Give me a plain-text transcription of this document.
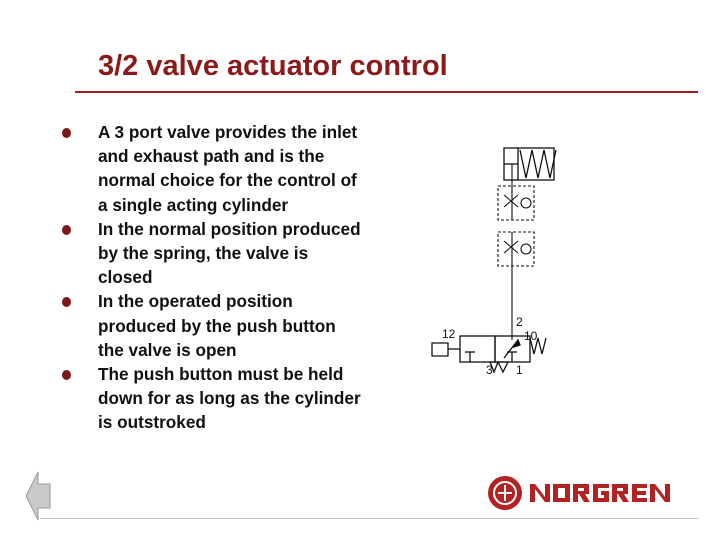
3/2 valve actuator control
A 3 port valve provides the inlet and exhaust path and is the normal choice for the control of a single acting cylinder
In the normal position produced by the spring, the valve is closed
In the operated position produced by the push button the valve is open
The push button must be held down for as long as the cylinder is outstroked
12
2
10
3 1
